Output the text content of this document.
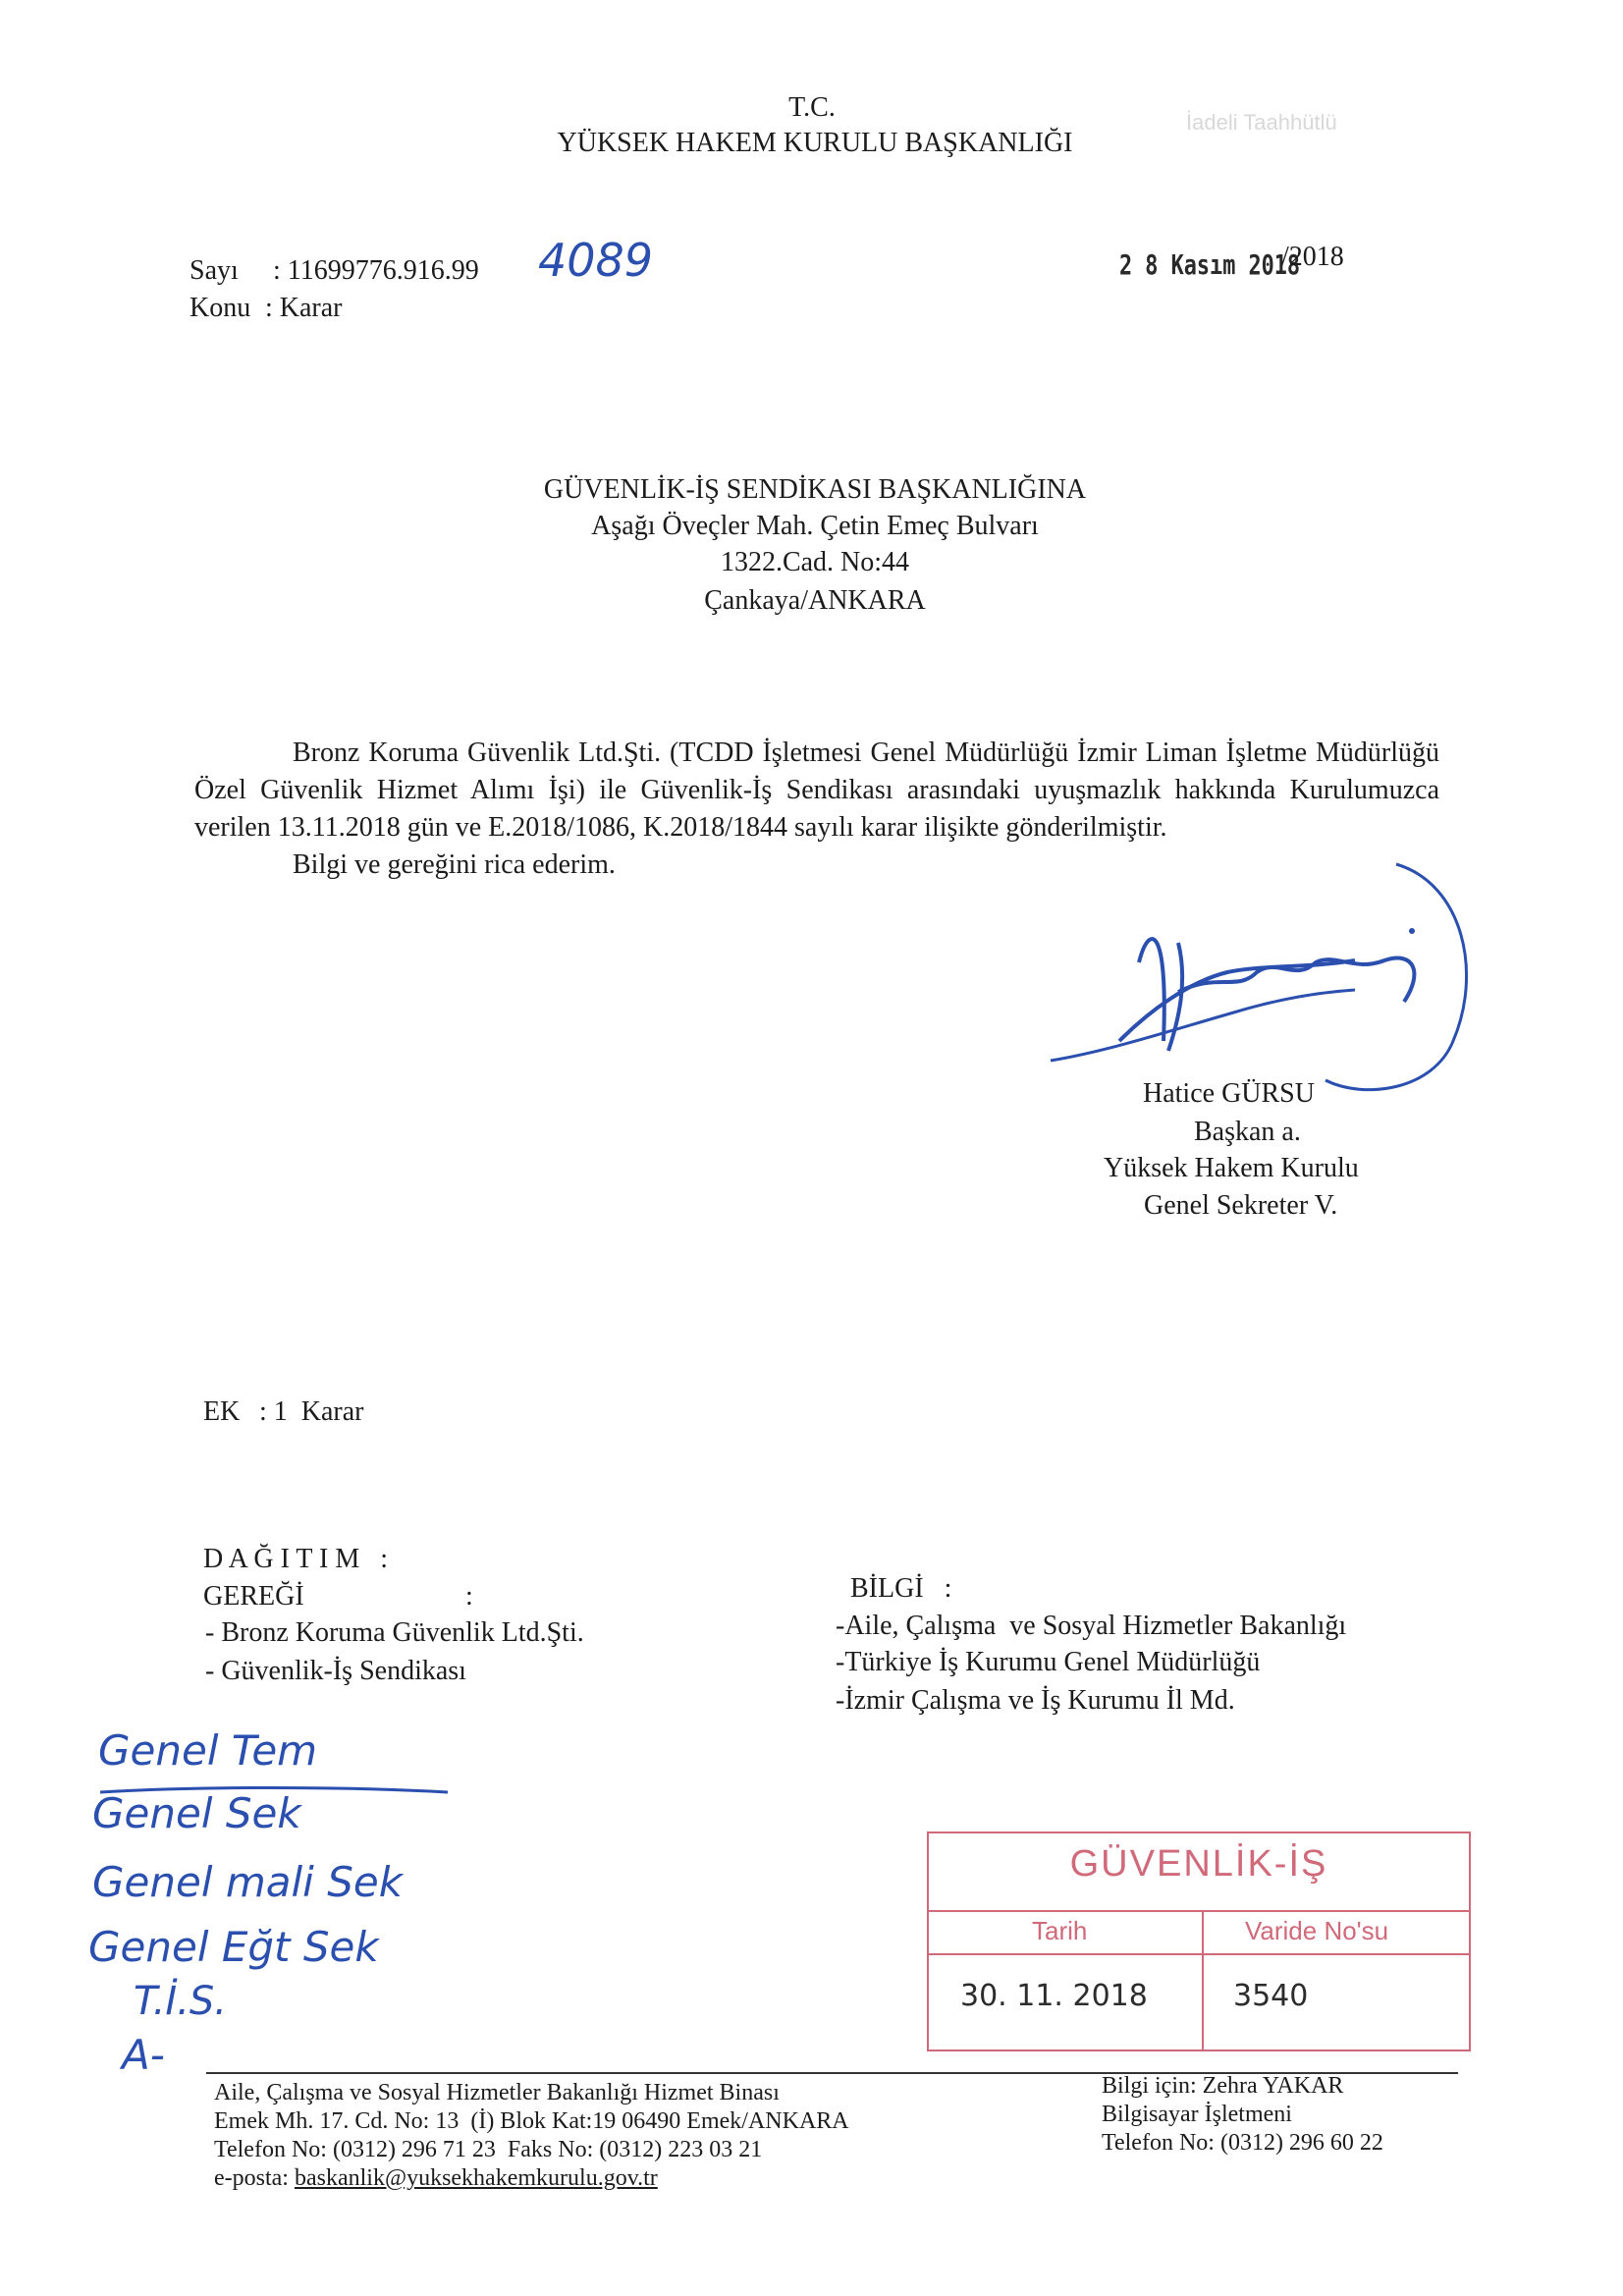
T.C.
YÜKSEK HAKEM KURULU BAŞKANLIĞI
İadeli Taahhütlü
Sayı : 11699776.916.99 4089
Konu : Karar
2 8 Kasım 2018
/2018
GÜVENLİK-İŞ SENDİKASI BAŞKANLIĞINA
Aşağı Öveçler Mah. Çetin Emeç Bulvarı
1322.Cad. No:44
Çankaya/ANKARA

Bronz Koruma Güvenlik Ltd.Şti. (TCDD İşletmesi Genel Müdürlüğü İzmir Liman İşletme Müdürlüğü Özel Güvenlik Hizmet Alımı İşi) ile Güvenlik-İş Sendikası arasındaki uyuşmazlık hakkında Kurulumuzca verilen 13.11.2018 gün ve E.2018/1086, K.2018/1844 sayılı karar ilişikte gönderilmiştir.

Bilgi ve gereğini rica ederim.

Hatice GÜRSU
Başkan a.
Yüksek Hakem Kurulu
Genel Sekreter V.
EK : 1  Karar
D A Ğ I T I M   :
GEREĞİ	:
- Bronz Koruma Güvenlik Ltd.Şti.
- Güvenlik-İş Sendikası
BİLGİ   :
-Aile, Çalışma  ve Sosyal Hizmetler Bakanlığı
-Türkiye İş Kurumu Genel Müdürlüğü
-İzmir Çalışma ve İş Kurumu İl Md.
Genel Tem
Genel Sek
Genel mali Sek
Genel Eğt Sek
T.İ.S.
A-
GÜVENLİK-İŞ
Tarih	Varide No'su
30. 11. 2018	3540
Aile, Çalışma ve Sosyal Hizmetler Bakanlığı Hizmet Binası
Emek Mh. 17. Cd. No: 13  (İ) Blok Kat:19 06490 Emek/ANKARA
Telefon No: (0312) 296 71 23  Faks No: (0312) 223 03 21
e-posta: baskanlik@yuksekhakemkurulu.gov.tr
Bilgi için: Zehra YAKAR
Bilgisayar İşletmeni
Telefon No: (0312) 296 60 22
